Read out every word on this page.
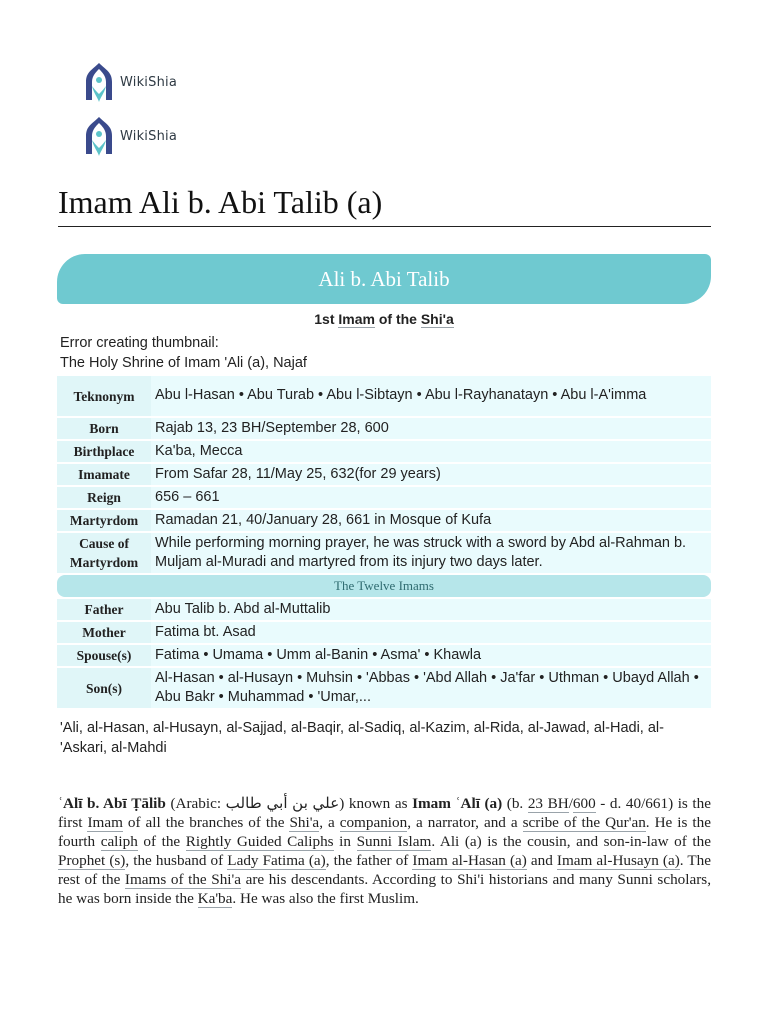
WikiShia
WikiShia
Imam Ali b. Abi Talib (a)
Ali b. Abi Talib
1st Imam of the Shi'a
Error creating thumbnail:
The Holy Shrine of Imam 'Ali (a), Najaf
Teknonym	Abu l-Hasan • Abu Turab • Abu l-Sibtayn • Abu l-Rayhanatayn • Abu l-A'imma
Born	Rajab 13, 23 BH/September 28, 600
Birthplace	Ka'ba, Mecca
Imamate	From Safar 28, 11/May 25, 632(for 29 years)
Reign	656 – 661
Martyrdom	Ramadan 21, 40/January 28, 661 in Mosque of Kufa
Cause of Martyrdom	While performing morning prayer, he was struck with a sword by Abd al-Rahman b. Muljam al-Muradi and martyred from its injury two days later.
The Twelve Imams	
Father	Abu Talib b. Abd al-Muttalib
Mother	Fatima bt. Asad
Spouse(s)	Fatima • Umama • Umm al-Banin • Asma' • Khawla
Son(s)	Al-Hasan • al-Husayn • Muhsin • 'Abbas • 'Abd Allah • Ja'far • Uthman • Ubayd Allah • Abu Bakr • Muhammad • 'Umar,...
'Ali, al-Hasan, al-Husayn, al-Sajjad, al-Baqir, al-Sadiq, al-Kazim, al-Rida, al-Jawad, al-Hadi, al-'Askari, al-Mahdi

ʿAlī b. Abī Ṭālib (Arabic: علي بن أبي طالب) known as Imam ʿAlī (a) (b. 23 BH/600 - d. 40/661) is the first Imam of all the branches of the Shi'a, a companion, a narrator, and a scribe of the Qur'an. He is the fourth caliph of the Rightly Guided Caliphs in Sunni Islam. Ali (a) is the cousin, and son-in-law of the Prophet (s), the husband of Lady Fatima (a), the father of Imam al-Hasan (a) and Imam al-Husayn (a). The rest of the Imams of the Shi'a are his descendants. According to Shi'i historians and many Sunni scholars, he was born inside the Ka'ba. He was also the first Muslim.
